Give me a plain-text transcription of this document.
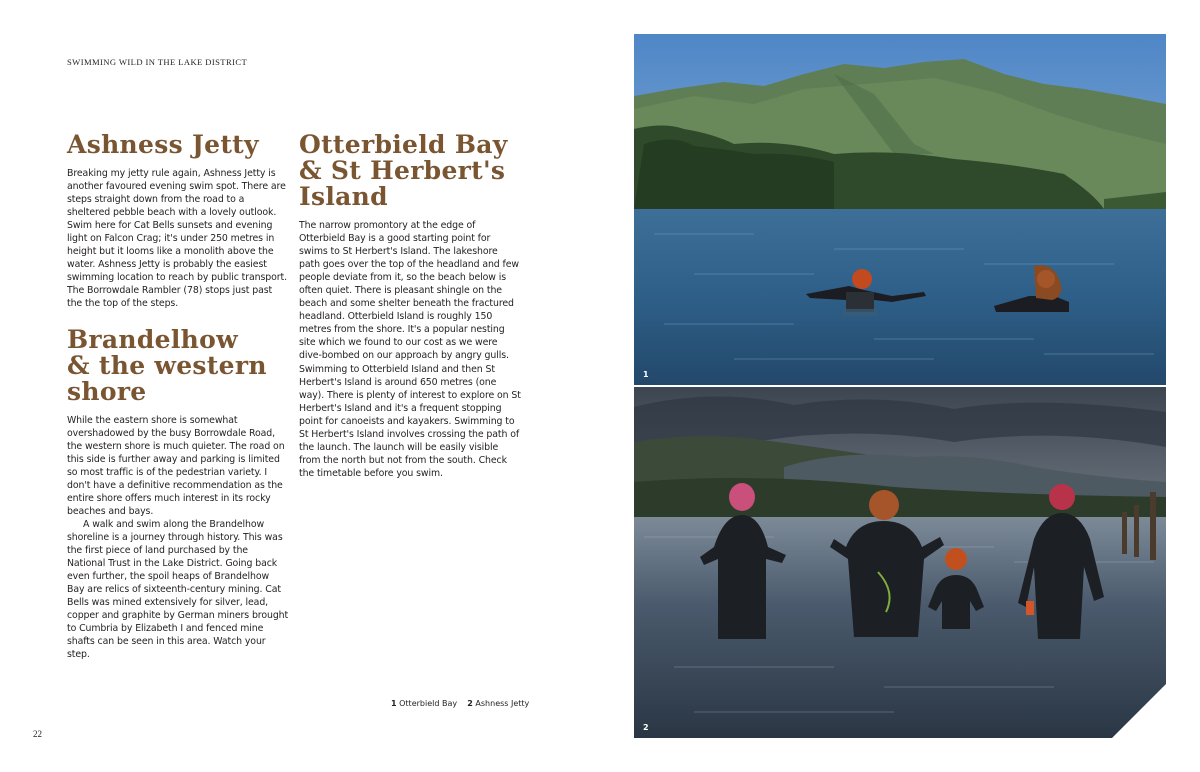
SWIMMING WILD IN THE LAKE DISTRICT
Ashness Jetty

Breaking my jetty rule again, Ashness Jetty is another favoured evening swim spot. There are steps straight down from the road to a sheltered pebble beach with a lovely outlook. Swim here for Cat Bells sunsets and evening light on Falcon Crag; it's under 250 metres in height but it looms like a monolith above the water. Ashness Jetty is probably the easiest swimming location to reach by public transport. The Borrowdale Rambler (78) stops just past the the top of the steps.

Brandelhow & the western shore

While the eastern shore is somewhat overshadowed by the busy Borrowdale Road, the western shore is much quieter. The road on this side is further away and parking is limited so most traffic is of the pedestrian variety. I don't have a definitive recommendation as the entire shore offers much interest in its rocky beaches and bays.

A walk and swim along the Brandelhow shoreline is a journey through history. This was the first piece of land purchased by the National Trust in the Lake District. Going back even further, the spoil heaps of Brandelhow Bay are relics of sixteenth-century mining. Cat Bells was mined extensively for silver, lead, copper and graphite by German miners brought to Cumbria by Elizabeth I and fenced mine shafts can be seen in this area. Watch your step.

Otterbield Bay & St Herbert's Island

The narrow promontory at the edge of Otterbield Bay is a good starting point for swims to St Herbert's Island. The lakeshore path goes over the top of the headland and few people deviate from it, so the beach below is often quiet. There is pleasant shingle on the beach and some shelter beneath the fractured headland. Otterbield Island is roughly 150 metres from the shore. It's a popular nesting site which we found to our cost as we were dive-bombed on our approach by angry gulls. Swimming to Otterbield Island and then St Herbert's Island is around 650 metres (one way). There is plenty of interest to explore on St Herbert's Island and it's a frequent stopping point for canoeists and kayakers. Swimming to St Herbert's Island involves crossing the path of the launch. The launch will be easily visible from the north but not from the south. Check the timetable before you swim.

1 Otterbield Bay 2 Ashness Jetty
22
1
2
